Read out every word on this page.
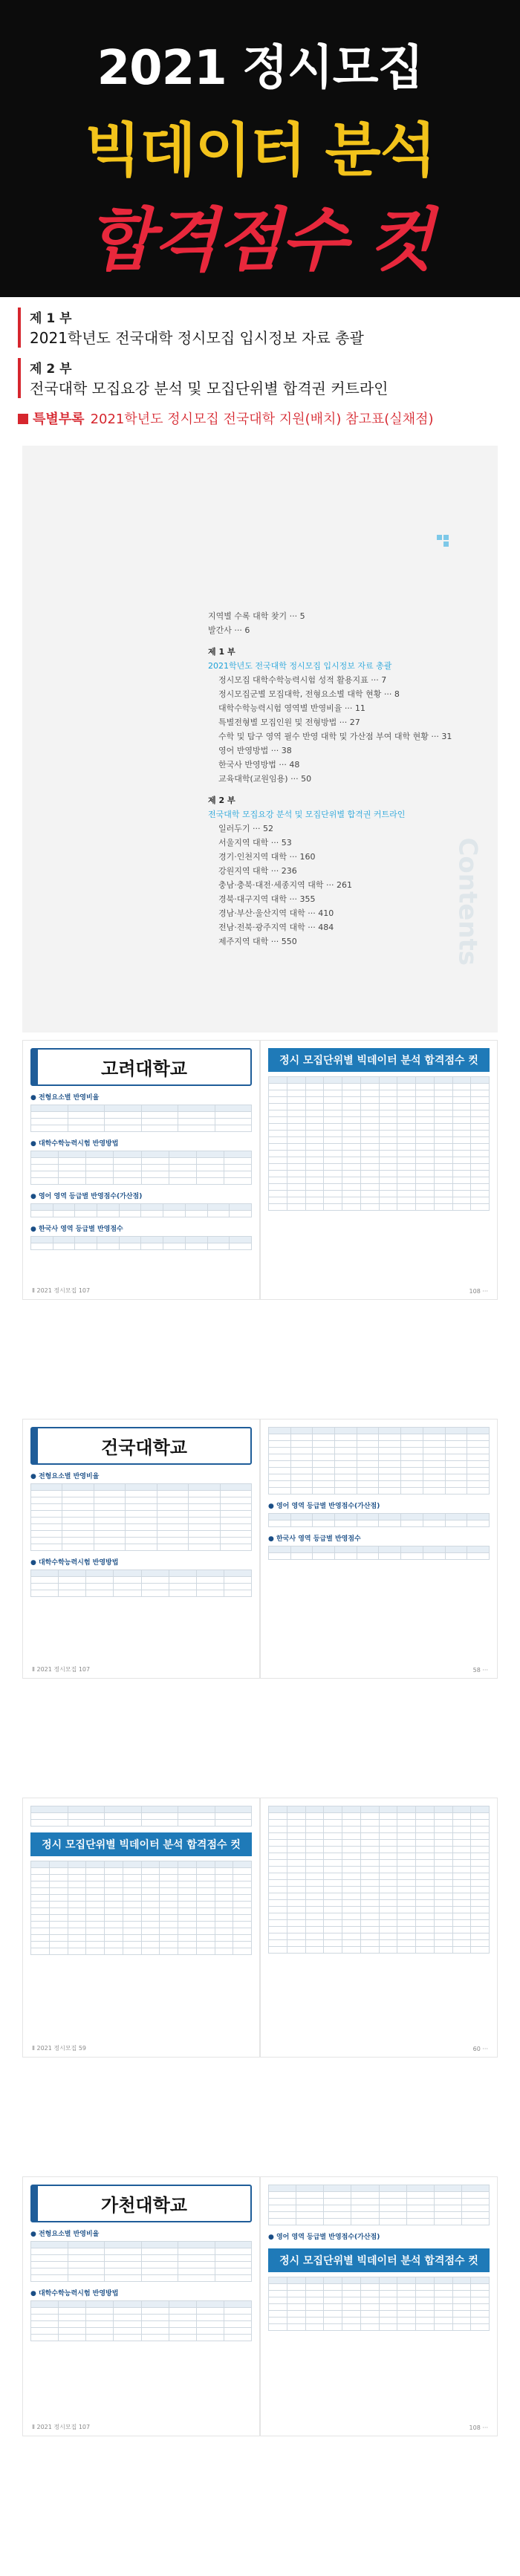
2021 정시모집
빅데이터 분석
합격점수 컷
제 1 부
2021학년도 전국대학 정시모집 입시정보 자료 총괄
제 2 부
전국대학 모집요강 분석 및 모집단위별 합격권 커트라인
특별부록 2021학년도 정시모집 전국대학 지원(배치) 참고표(실채점)
지역별 수록 대학 찾기 ··· 5
발간사 ··· 6
제 1 부
2021학년도 전국대학 정시모집 입시정보 자료 총괄
정시모집 대학수학능력시험 성적 활용지표 ··· 7
정시모집군별 모집대학, 전형요소별 대학 현황 ··· 8
대학수학능력시험 영역별 반영비율 ··· 11
특별전형별 모집인원 및 전형방법 ··· 27
수학 및 탐구 영역 필수 반영 대학 및 가산점 부여 대학 현황 ··· 31
영어 반영방법 ··· 38
한국사 반영방법 ··· 48
교육대학(교원임용) ··· 50
제 2 부
전국대학 모집요강 분석 및 모집단위별 합격권 커트라인
일러두기 ··· 52
서울지역 대학 ··· 53
경기·인천지역 대학 ··· 160
강원지역 대학 ··· 236
충남·충북·대전·세종지역 대학 ··· 261
경북·대구지역 대학 ··· 355
경남·부산·울산지역 대학 ··· 410
전남·전북·광주지역 대학 ··· 484
제주지역 대학 ··· 550	Contents
고려대학교
● 전형요소별 반영비율

● 대학수학능력시험 반영방법

● 영어 영역 등급별 반영점수(가산점)

● 한국사 영역 등급별 반영점수

Ⅱ 2021 정시모집 107
정시 모집단위별 빅데이터 분석 합격점수 컷

108 ···
건국대학교
● 전형요소별 반영비율

● 대학수학능력시험 반영방법

Ⅱ 2021 정시모집 107

● 영어 영역 등급별 반영점수(가산점)

● 한국사 영역 등급별 반영점수

58 ···

정시 모집단위별 빅데이터 분석 합격점수 컷

Ⅱ 2021 정시모집 59

												60 ···
가천대학교
● 전형요소별 반영비율

● 대학수학능력시험 반영방법

Ⅱ 2021 정시모집 107

● 영어 영역 등급별 반영점수(가산점)
정시 모집단위별 빅데이터 분석 합격점수 컷

108 ···
